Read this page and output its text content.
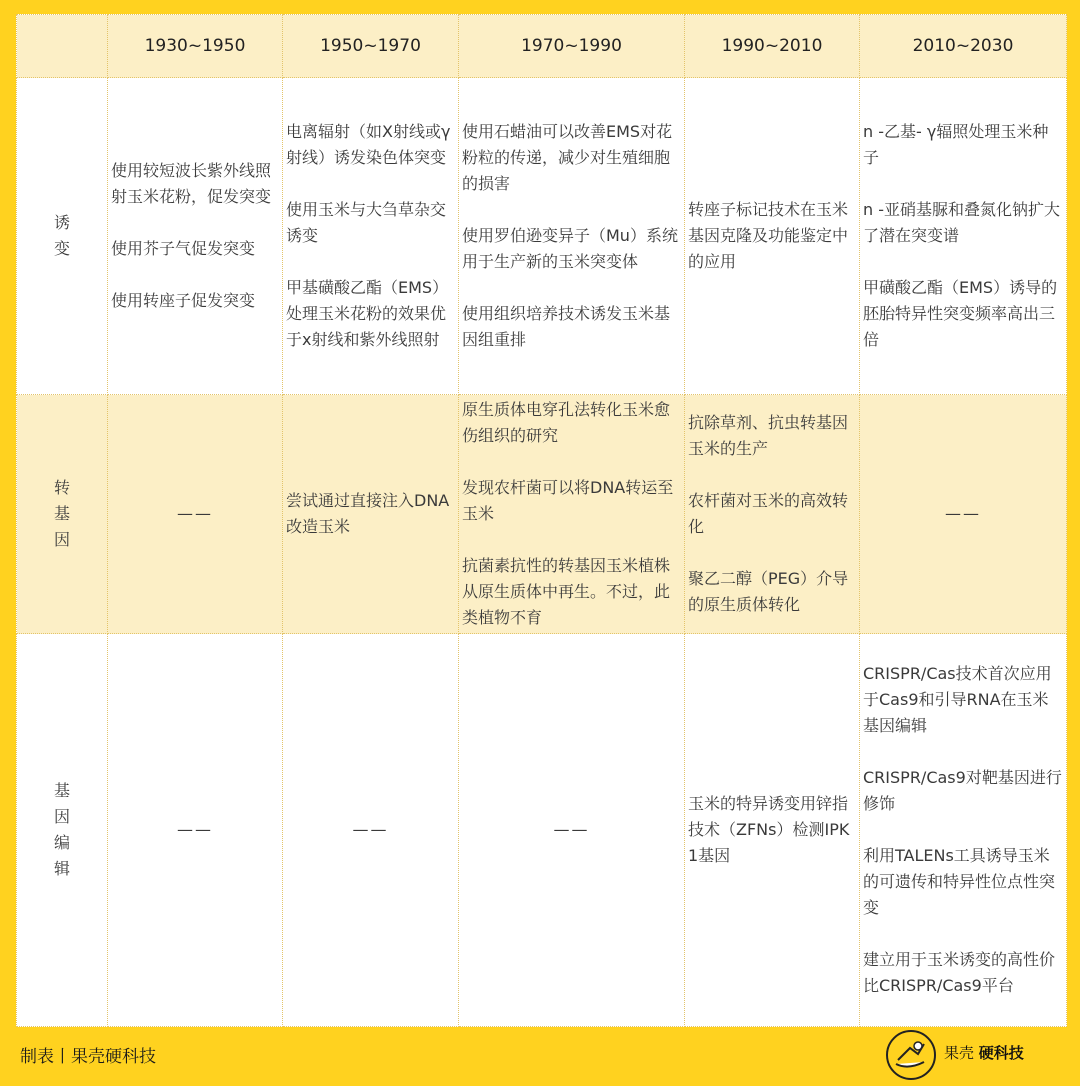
	1930~1950	1950~1970	1970~1990	1990~2010	2010~2030

诱
变	使用较短波长紫外线照射玉米花粉，促发突变
使用芥子气促发突变
使用转座子促发突变	电离辐射（如X射线或γ射线）诱发染色体突变
使用玉米与大刍草杂交诱变
甲基磺酸乙酯（EMS）处理玉米花粉的效果优于x射线和紫外线照射	使用石蜡油可以改善EMS对花粉粒的传递，减少对生殖细胞的损害
使用罗伯逊变异子（Mu）系统用于生产新的玉米突变体
使用组织培养技术诱发玉米基因组重排	转座子标记技术在玉米基因克隆及功能鉴定中的应用	n -乙基- γ辐照处理玉米种子
n -亚硝基脲和叠氮化钠扩大了潜在突变谱
甲磺酸乙酯（EMS）诱导的胚胎特异性突变频率高出三倍

转
基
因	——	尝试通过直接注入DNA改造玉米	原生质体电穿孔法转化玉米愈伤组织的研究
发现农杆菌可以将DNA转运至玉米
抗菌素抗性的转基因玉米植株从原生质体中再生。不过，此类植物不育	抗除草剂、抗虫转基因玉米的生产
农杆菌对玉米的高效转化
聚乙二醇（PEG）介导的原生质体转化	——

基
因
编
辑	——	——	——	玉米的特异诱变用锌指技术（ZFNs）检测IPK1基因	CRISPR/Cas技术首次应用于Cas9和引导RNA在玉米基因编辑
CRISPR/Cas9对靶基因进行修饰
利用TALENs工具诱导玉米的可遗传和特异性位点性突变
建立用于玉米诱变的高性价比CRISPR/Cas9平台
制表丨果壳硬科技	果壳 硬科技
